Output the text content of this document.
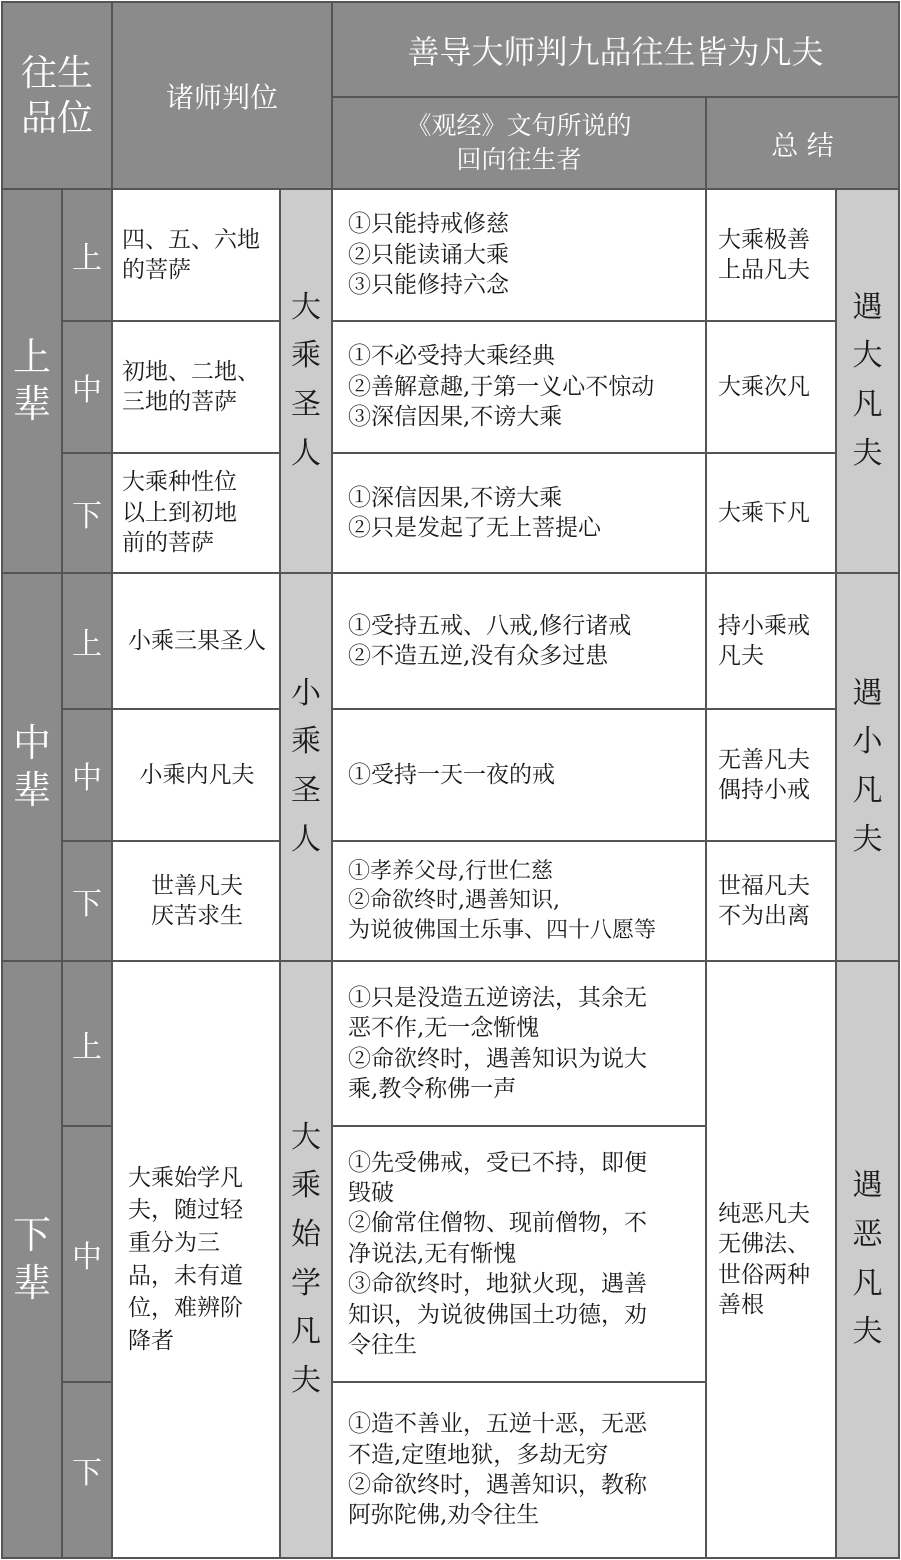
往生
品位
诸师判位
善导大师判九品往生皆为凡夫
《观经》文句所说的
回向往生者	总 结
上
辈
上
中
下
四、五、六地
的菩萨
初地、二地、
三地的菩萨
大乘种性位
以上到初地
前的菩萨
大
乘
圣
人
①只能持戒修慈
②只能读诵大乘
③只能修持六念
①不必受持大乘经典
②善解意趣,于第一义心不惊动
③深信因果,不谤大乘
①深信因果,不谤大乘
②只是发起了无上菩提心
大乘极善
上品凡夫
大乘次凡
大乘下凡
遇
大
凡
夫
中
辈
上
中
下
小乘三果圣人
小乘内凡夫
世善凡夫
厌苦求生
小
乘
圣
人
①受持五戒、八戒,修行诸戒
②不造五逆,没有众多过患
①受持一天一夜的戒
①孝养父母,行世仁慈
②命欲终时,遇善知识,
为说彼佛国土乐事、四十八愿等
持小乘戒
凡夫
无善凡夫
偶持小戒
世福凡夫
不为出离
遇
小
凡
夫
下
辈
上
中
下
大乘始学凡
夫，随过轻
重分为三
品，未有道
位，难辨阶
降者
大
乘
始
学
凡
夫
①只是没造五逆谤法，其余无
恶不作,无一念惭愧
②命欲终时，遇善知识为说大
乘,教令称佛一声
①先受佛戒，受已不持，即便
毁破
②偷常住僧物、现前僧物，不
净说法,无有惭愧
③命欲终时，地狱火现，遇善
知识，为说彼佛国土功德，劝
令往生
①造不善业，五逆十恶，无恶
不造,定堕地狱，多劫无穷
②命欲终时，遇善知识，教称
阿弥陀佛,劝令往生
纯恶凡夫
无佛法、
世俗两种
善根
遇
恶
凡
夫
